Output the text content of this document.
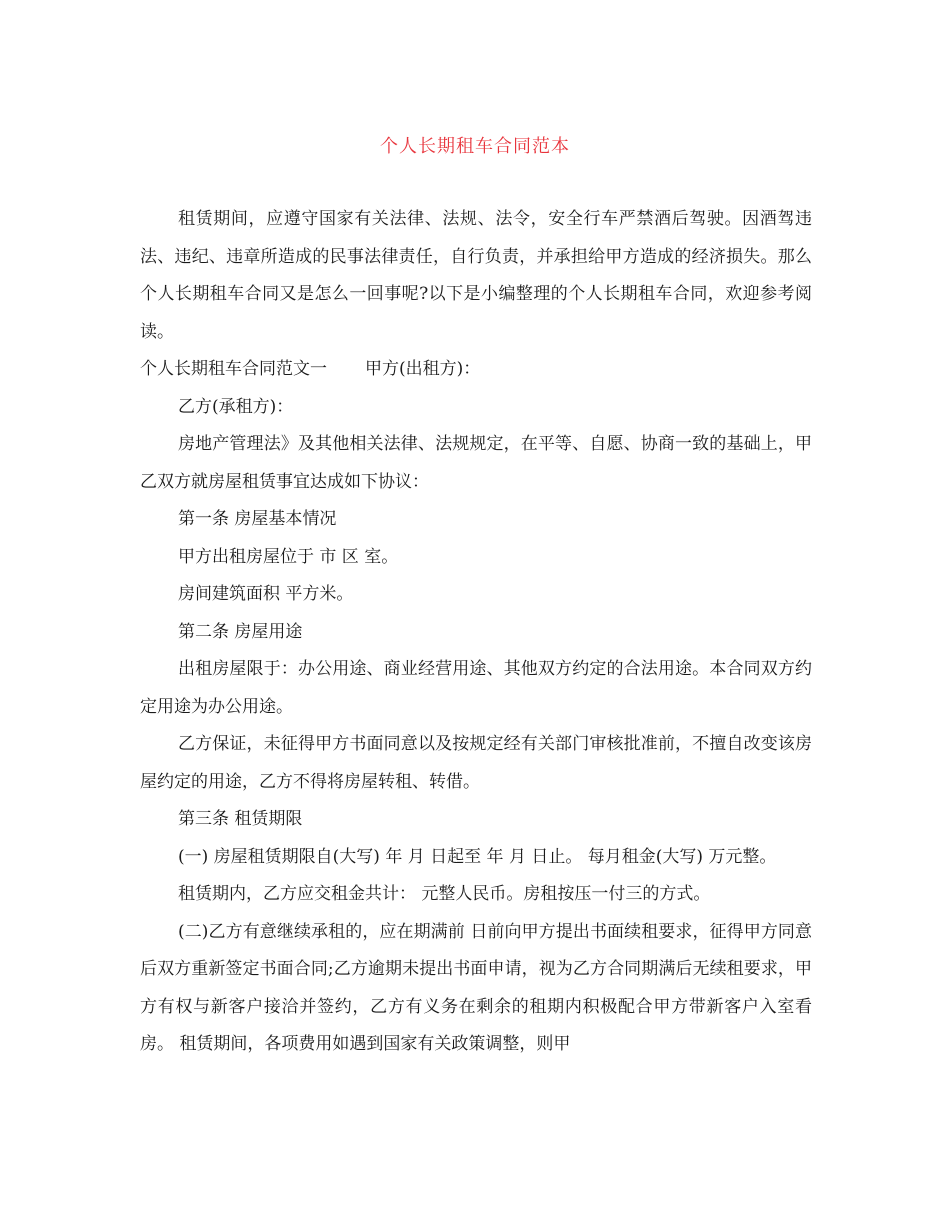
个人长期租车合同范本

租赁期间，应遵守国家有关法律、法规、法令，安全行车严禁酒后驾驶。因酒驾违法、违纪、违章所造成的民事法律责任，自行负责，并承担给甲方造成的经济损失。那么个人长期租车合同又是怎么一回事呢?以下是小编整理的个人长期租车合同，欢迎参考阅读。

个人长期租车合同范文一 甲方(出租方)：

乙方(承租方)：

房地产管理法》及其他相关法律、法规规定，在平等、自愿、协商一致的基础上，甲乙双方就房屋租赁事宜达成如下协议：

第一条 房屋基本情况

甲方出租房屋位于 市 区 室。

房间建筑面积 平方米。

第二条 房屋用途

出租房屋限于：办公用途、商业经营用途、其他双方约定的合法用途。本合同双方约定用途为办公用途。

乙方保证，未征得甲方书面同意以及按规定经有关部门审核批准前，不擅自改变该房屋约定的用途，乙方不得将房屋转租、转借。

第三条 租赁期限

(一) 房屋租赁期限自(大写) 年 月 日起至 年 月 日止。 每月租金(大写) 万元整。

租赁期内，乙方应交租金共计： 元整人民币。房租按压一付三的方式。

(二)乙方有意继续承租的，应在期满前 日前向甲方提出书面续租要求，征得甲方同意后双方重新签定书面合同;乙方逾期未提出书面申请，视为乙方合同期满后无续租要求，甲方有权与新客户接洽并签约，乙方有义务在剩余的租期内积极配合甲方带新客户入室看房。 租赁期间，各项费用如遇到国家有关政策调整，则甲
